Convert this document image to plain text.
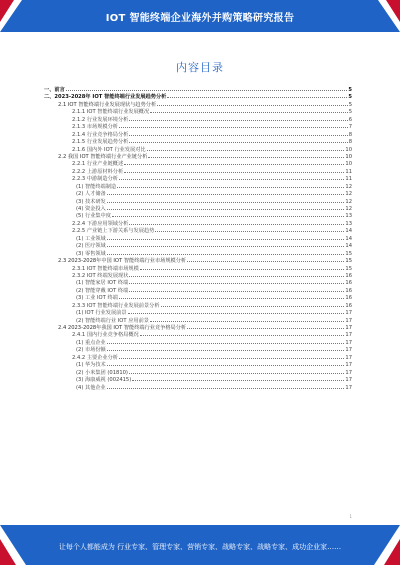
IOT 智能终端企业海外并购策略研究报告
内容目录
一、前言	5
二、2023-2028年 IOT 智能终端行业发展趋势分析	5
2.1 IOT 智能终端行业发展现状与趋势分析	5
2.1.1 IOT 智能终端行业发展概况	5
2.1.2 行业发展环境分析	6
2.1.3 市场规模分析	7
2.1.4 行业竞争格局分析	8
2.1.5 行业发展趋势分析	8
2.1.6 国内外 IOT 行业发展对比	10
2.2 我国 IOT 智能终端行业产业链分析	10
2.2.1 行业产业链概述	10
2.2.2 上游原材料分析	11
2.2.3 中游制造分析	11
(1) 智能终端制造	12
(2) 人才储备	12
(3) 技术研发	12
(4) 资金投入	12
(5) 行业集中度	13
2.2.4 下游应用领域分析	13
2.2.5 产业链上下游关系与发展趋势	14
(1) 工业领域	14
(2) 医疗领域	14
(3) 零售领域	15
2.3 2023-2028年中国 IOT 智能终端行业市场规模分析	15
2.3.1 IOT 智能终端市场规模	15
2.3.2 IOT 终端发展现状	16
(1) 智能家居 IOT 终端	16
(2) 智能穿戴 IOT 终端	16
(3) 工业 IOT 终端	16
2.3.3 IOT 智能终端行业发展前景分析	16
(1) IOT 行业发展前景	17
(2) 智能终端行业 IOT 应用前景	17
2.4 2023-2028年我国 IOT 智能终端行业竞争格局分析	17
2.4.1 国内行业竞争格局概况	17
(1) 重点企业	17
(2) 市场份额	17
2.4.2 主要企业分析	17
(1) 华为技术	17
(2) 小米集团 (01810)	17
(3) 海康威视 (002415)	17
(4) 其他企业	17
1
让每个人都能成为 行业专家、管理专家、营销专家、战略专家、战略专家、成功企业家……
